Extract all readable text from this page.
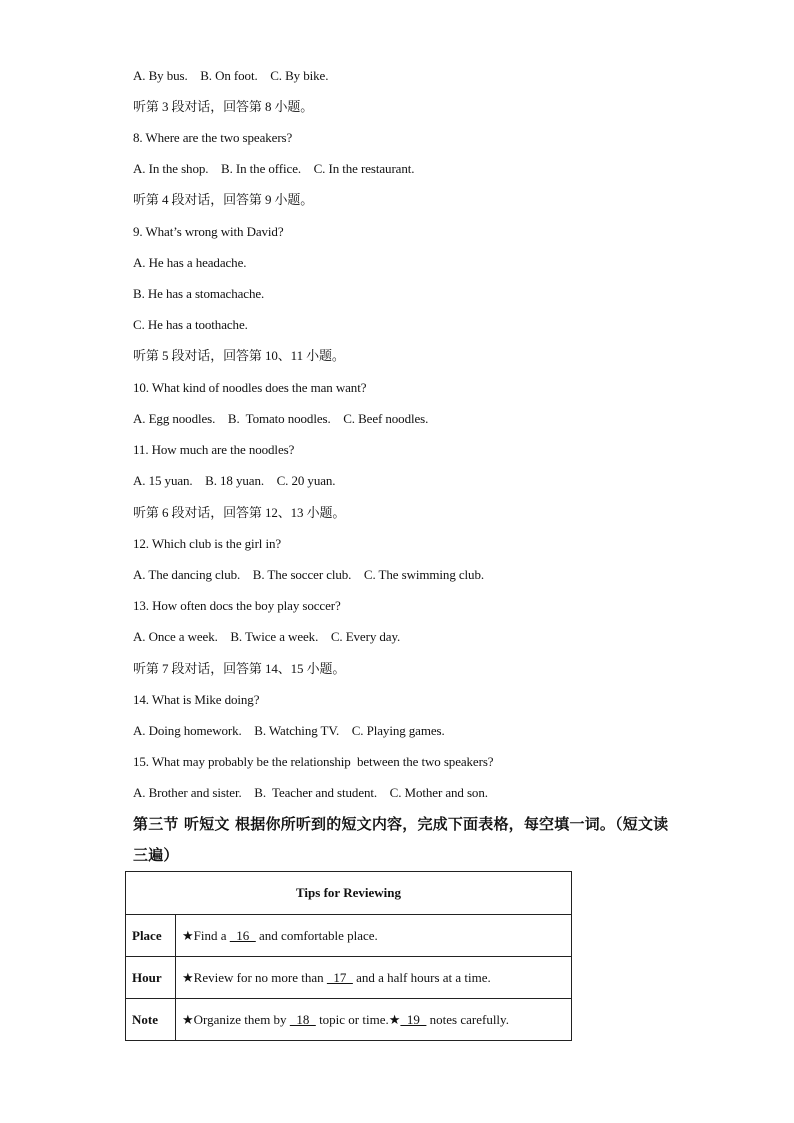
A. By bus.    B. On foot.    C. By bike.
听第 3 段对话，回答第 8 小题。
8. Where are the two speakers?
A. In the shop.    B. In the office.    C. In the restaurant.
听第 4 段对话，回答第 9 小题。
9. What’s wrong with David?
A. He has a headache.
B. He has a stomachache.
C. He has a toothache.
听第 5 段对话，回答第 10、11 小题。
10. What kind of noodles does the man want?
A. Egg noodles.    B.  Tomato noodles.    C. Beef noodles.
11. How much are the noodles?
A. 15 yuan.    B. 18 yuan.    C. 20 yuan.
听第 6 段对话，回答第 12、13 小题。
12. Which club is the girl in?
A. The dancing club.    B. The soccer club.    C. The swimming club.
13. How often docs the boy play soccer?
A. Once a week.    B. Twice a week.    C. Every day.
听第 7 段对话，回答第 14、15 小题。
14. What is Mike doing?
A. Doing homework.    B. Watching TV.    C. Playing games.
15. What may probably be the relationship  between the two speakers?
A. Brother and sister.    B.  Teacher and student.    C. Mother and son.
第三节 听短文 根据你所听到的短文内容，完成下面表格，每空填一词。（短文读三遍）
Tips for Reviewing	
Place	★Find a   16   and comfortable place.
Hour	★Review for no more than   17   and a half hours at a time.
Note	★Organize them by   18   topic or time.★  19   notes carefully.
